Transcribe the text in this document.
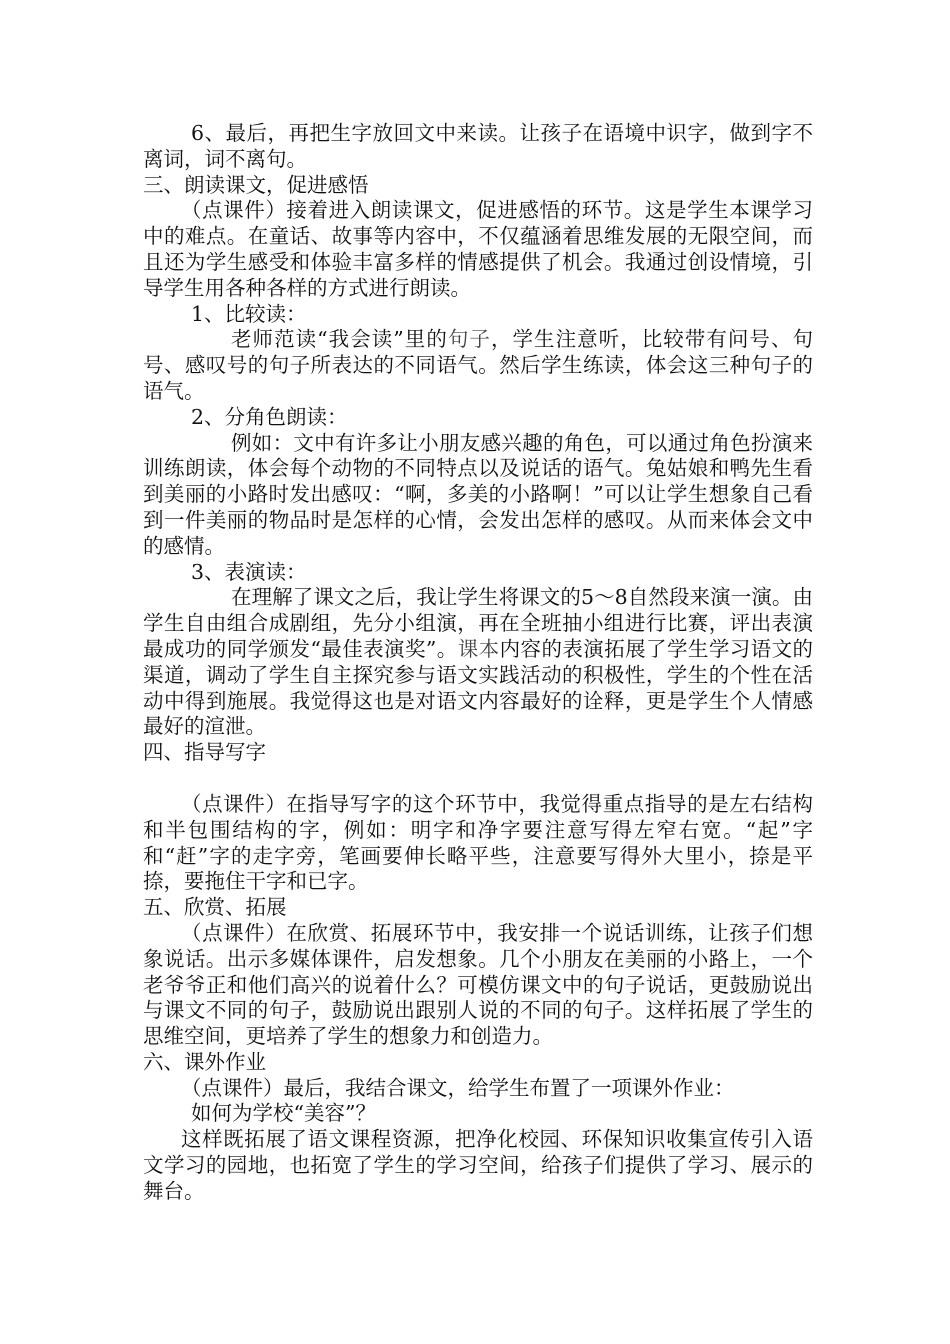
6、最后，再把生字放回文中来读。让孩子在语境中识字，做到字不离词，词不离句。

三、朗读课文，促进感悟

（点课件）接着进入朗读课文，促进感悟的环节。这是学生本课学习中的难点。在童话、故事等内容中，不仅蕴涵着思维发展的无限空间，而且还为学生感受和体验丰富多样的情感提供了机会。我通过创设情境，引导学生用各种各样的方式进行朗读。

1、比较读：

老师范读“我会读”里的句子，学生注意听，比较带有问号、句号、感叹号的句子所表达的不同语气。然后学生练读，体会这三种句子的语气。

2、分角色朗读：

例如：文中有许多让小朋友感兴趣的角色，可以通过角色扮演来训练朗读，体会每个动物的不同特点以及说话的语气。兔姑娘和鸭先生看到美丽的小路时发出感叹：“啊，多美的小路啊！”可以让学生想象自己看到一件美丽的物品时是怎样的心情，会发出怎样的感叹。从而来体会文中的感情。

3、表演读：

在理解了课文之后，我让学生将课文的5～8自然段来演一演。由学生自由组合成剧组，先分小组演，再在全班抽小组进行比赛，评出表演最成功的同学颁发“最佳表演奖”。课本内容的表演拓展了学生学习语文的渠道，调动了学生自主探究参与语文实践活动的积极性，学生的个性在活动中得到施展。我觉得这也是对语文内容最好的诠释，更是学生个人情感最好的渲泄。

四、指导写字

（点课件）在指导写字的这个环节中，我觉得重点指导的是左右结构和半包围结构的字，例如：明字和净字要注意写得左窄右宽。“起”字和“赶”字的走字旁，笔画要伸长略平些，注意要写得外大里小，捺是平捺，要拖住干字和已字。

五、欣赏、拓展

（点课件）在欣赏、拓展环节中，我安排一个说话训练，让孩子们想象说话。出示多媒体课件，启发想象。几个小朋友在美丽的小路上，一个老爷爷正和他们高兴的说着什么？可模仿课文中的句子说话，更鼓励说出与课文不同的句子，鼓励说出跟别人说的不同的句子。这样拓展了学生的思维空间，更培养了学生的想象力和创造力。

六、课外作业

（点课件）最后，我结合课文，给学生布置了一项课外作业：

如何为学校“美容”？

这样既拓展了语文课程资源，把净化校园、环保知识收集宣传引入语文学习的园地，也拓宽了学生的学习空间，给孩子们提供了学习、展示的舞台。
